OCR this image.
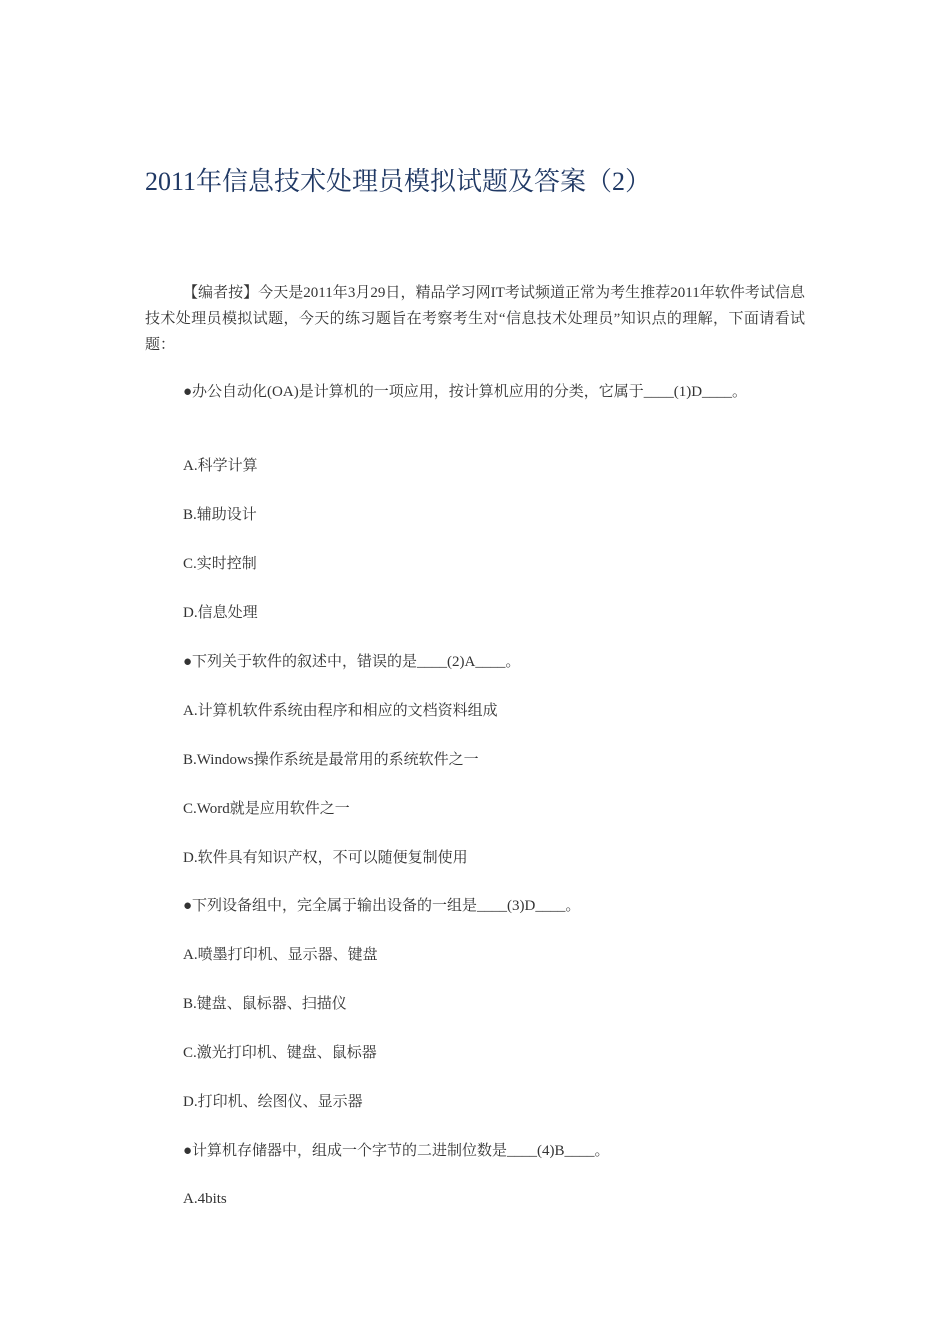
2011年信息技术处理员模拟试题及答案（2）

【编者按】今天是2011年3月29日，精品学习网IT考试频道正常为考生推荐2011年软件考试信息技术处理员模拟试题，今天的练习题旨在考察考生对“信息技术处理员”知识点的理解，下面请看试题：

●办公自动化(OA)是计算机的一项应用，按计算机应用的分类，它属于____(1)D____。

A.科学计算

B.辅助设计

C.实时控制

D.信息处理

●下列关于软件的叙述中，错误的是____(2)A____。

A.计算机软件系统由程序和相应的文档资料组成

B.Windows操作系统是最常用的系统软件之一

C.Word就是应用软件之一

D.软件具有知识产权，不可以随便复制使用

●下列设备组中，完全属于输出设备的一组是____(3)D____。

A.喷墨打印机、显示器、键盘

B.键盘、鼠标器、扫描仪

C.激光打印机、键盘、鼠标器

D.打印机、绘图仪、显示器

●计算机存储器中，组成一个字节的二进制位数是____(4)B____。

A.4bits
